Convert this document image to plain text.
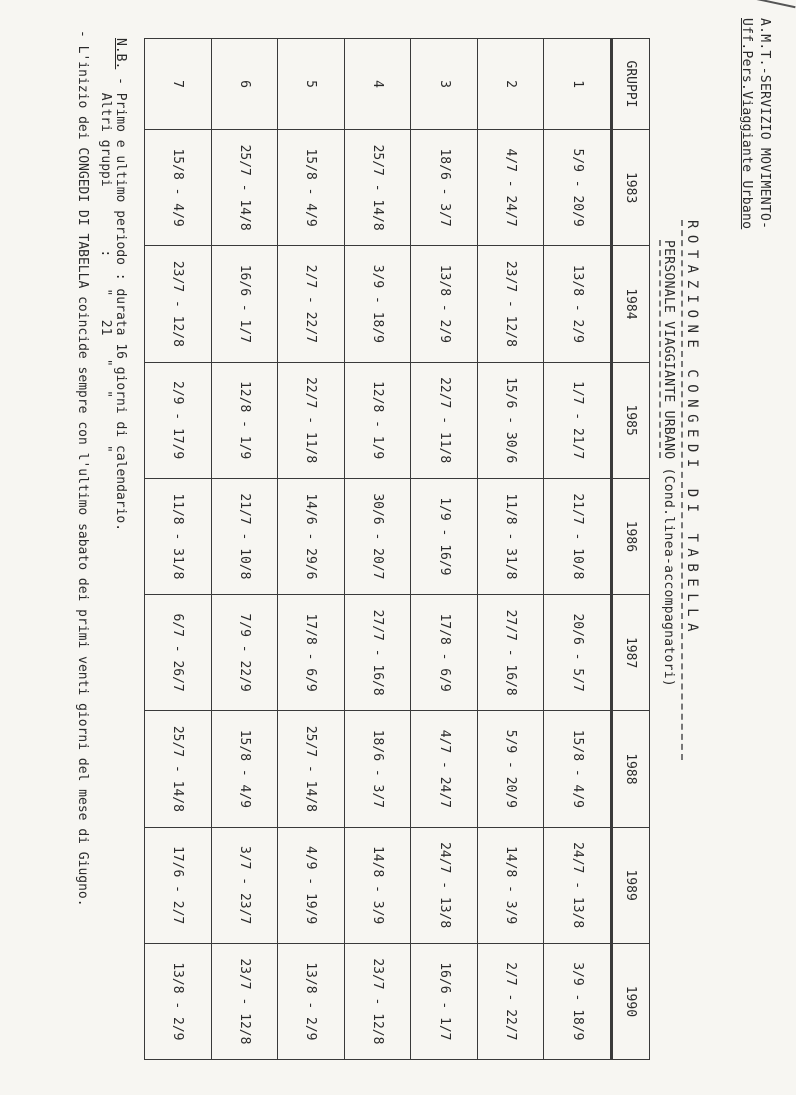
A.M.T.-SERVIZIO MOVIMENTO-
Uff.Pers.Viaggiante Urbano
ROTAZIONE CONGEDI DI TABELLA
PERSONALE VIAGGIANTE URBANO (Cond.linea-accompagnatori)
GRUPPI	1983	1984	1985	1986	1987	1988	1989	1990
1	5/9 - 20/9	13/8 - 2/9	1/7 - 21/7	21/7 - 10/8	20/6 - 5/7	15/8 - 4/9	24/7 - 13/8	3/9 - 18/9
2	4/7 - 24/7	23/7 - 12/8	15/6 - 30/6	11/8 - 31/8	27/7 - 16/8	5/9 - 20/9	14/8 - 3/9	2/7 - 22/7
3	18/6 - 3/7	13/8 - 2/9	22/7 - 11/8	1/9 - 16/9	17/8 - 6/9	4/7 - 24/7	24/7 - 13/8	16/6 - 1/7
4	25/7 - 14/8	3/9 - 18/9	12/8 - 1/9	30/6 - 20/7	27/7 - 16/8	18/6 - 3/7	14/8 - 3/9	23/7 - 12/8
5	15/8 - 4/9	2/7 - 22/7	22/7 - 11/8	14/6 - 29/6	17/8 - 6/9	25/7 - 14/8	4/9 - 19/9	13/8 - 2/9
6	25/7 - 14/8	16/6 - 1/7	12/8 - 1/9	21/7 - 10/8	7/9 - 22/9	15/8 - 4/9	3/7 - 23/7	23/7 - 12/8
7	15/8 - 4/9	23/7 - 12/8	2/9 - 17/9	11/8 - 31/8	6/7 - 26/7	25/7 - 14/8	17/6 - 2/7	13/8 - 2/9
N.B. - Primo e ultimo periodo : durata 16 giorni di calendario.
Altri gruppi        :    "   21   "   "      "
- L'inizio dei CONGEDI DI TABELLA coincide sempre con l'ultimo sabato dei primi venti giorni del mese di Giugno.
